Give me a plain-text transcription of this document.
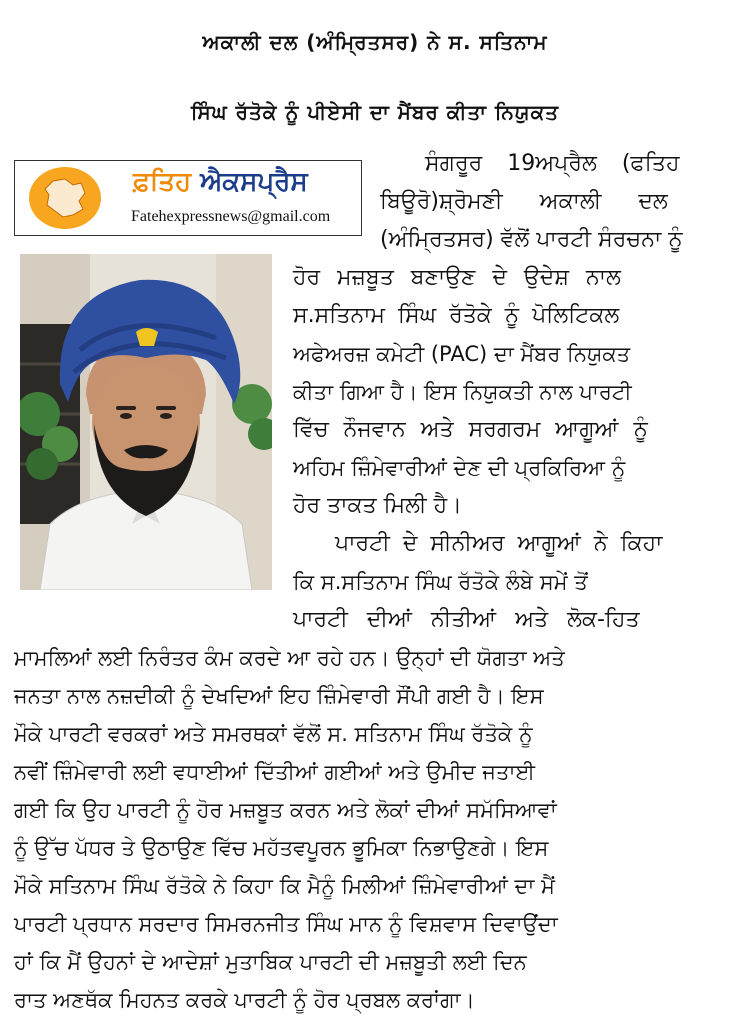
ਅਕਾਲੀ ਦਲ (ਅੰਮ੍ਰਿਤਸਰ) ਨੇ ਸ. ਸਤਿਨਾਮ
ਸਿੰਘ ਰੱਤੋਕੇ ਨੂੰ ਪੀਏਸੀ ਦਾ ਮੈਂਬਰ ਕੀਤਾ ਨਿਯੁਕਤ
ਫ਼ਤਿਹ ਐਕਸਪ੍ਰੈਸ
Fatehexpressnews@gmail.com
ਸੰਗਰੂਰ 19ਅਪ੍ਰੈਲ (ਫਤਿਹ
ਬਿਊਰੋ)ਸ਼੍ਰੋਮਣੀ ਅਕਾਲੀ ਦਲ
(ਅੰਮ੍ਰਿਤਸਰ) ਵੱਲੋਂ ਪਾਰਟੀ ਸੰਰਚਨਾ ਨੂੰ
ਹੋਰ ਮਜ਼ਬੂਤ ਬਣਾਉਣ ਦੇ ਉਦੇਸ਼ ਨਾਲ
ਸ.ਸਤਿਨਾਮ ਸਿੰਘ ਰੱਤੋਕੇ ਨੂੰ ਪੋਲਿਟਿਕਲ
ਅਫੇਅਰਜ਼ ਕਮੇਟੀ (PAC) ਦਾ ਮੈਂਬਰ ਨਿਯੁਕਤ
ਕੀਤਾ ਗਿਆ ਹੈ। ਇਸ ਨਿਯੁਕਤੀ ਨਾਲ ਪਾਰਟੀ
ਵਿੱਚ ਨੌਜਵਾਨ ਅਤੇ ਸਰਗਰਮ ਆਗੂਆਂ ਨੂੰ
ਅਹਿਮ ਜ਼ਿੰਮੇਵਾਰੀਆਂ ਦੇਣ ਦੀ ਪ੍ਰਕਿਰਿਆ ਨੂੰ
ਹੋਰ ਤਾਕਤ ਮਿਲੀ ਹੈ।
ਪਾਰਟੀ ਦੇ ਸੀਨੀਅਰ ਆਗੂਆਂ ਨੇ ਕਿਹਾ
ਕਿ ਸ.ਸਤਿਨਾਮ ਸਿੰਘ ਰੱਤੋਕੇ ਲੰਬੇ ਸਮੇਂ ਤੋਂ
ਪਾਰਟੀ ਦੀਆਂ ਨੀਤੀਆਂ ਅਤੇ ਲੋਕ-ਹਿਤ
ਮਾਮਲਿਆਂ ਲਈ ਨਿਰੰਤਰ ਕੰਮ ਕਰਦੇ ਆ ਰਹੇ ਹਨ। ਉਨ੍ਹਾਂ ਦੀ ਯੋਗਤਾ ਅਤੇ
ਜਨਤਾ ਨਾਲ ਨਜ਼ਦੀਕੀ ਨੂੰ ਦੇਖਦਿਆਂ ਇਹ ਜ਼ਿੰਮੇਵਾਰੀ ਸੌਂਪੀ ਗਈ ਹੈ। ਇਸ
ਮੌਕੇ ਪਾਰਟੀ ਵਰਕਰਾਂ ਅਤੇ ਸਮਰਥਕਾਂ ਵੱਲੋਂ ਸ. ਸਤਿਨਾਮ ਸਿੰਘ ਰੱਤੋਕੇ ਨੂੰ
ਨਵੀਂ ਜ਼ਿੰਮੇਵਾਰੀ ਲਈ ਵਧਾਈਆਂ ਦਿੱਤੀਆਂ ਗਈਆਂ ਅਤੇ ਉਮੀਦ ਜਤਾਈ
ਗਈ ਕਿ ਉਹ ਪਾਰਟੀ ਨੂੰ ਹੋਰ ਮਜ਼ਬੂਤ ਕਰਨ ਅਤੇ ਲੋਕਾਂ ਦੀਆਂ ਸਮੱਸਿਆਵਾਂ
ਨੂੰ ਉੱਚ ਪੱਧਰ ਤੇ ਉਠਾਉਣ ਵਿੱਚ ਮਹੱਤਵਪੂਰਨ ਭੂਮਿਕਾ ਨਿਭਾਉਣਗੇ। ਇਸ
ਮੌਕੇ ਸਤਿਨਾਮ ਸਿੰਘ ਰੱਤੋਕੇ ਨੇ ਕਿਹਾ ਕਿ ਮੈਨੂੰ ਮਿਲੀਆਂ ਜ਼ਿੰਮੇਵਾਰੀਆਂ ਦਾ ਮੈਂ
ਪਾਰਟੀ ਪ੍ਰਧਾਨ ਸਰਦਾਰ ਸਿਮਰਨਜੀਤ ਸਿੰਘ ਮਾਨ ਨੂੰ ਵਿਸ਼ਵਾਸ ਦਿਵਾਉਂਦਾ
ਹਾਂ ਕਿ ਮੈਂ ਉਹਨਾਂ ਦੇ ਆਦੇਸ਼ਾਂ ਮੁਤਾਬਿਕ ਪਾਰਟੀ ਦੀ ਮਜ਼ਬੂਤੀ ਲਈ ਦਿਨ
ਰਾਤ ਅਣਥੱਕ ਮਿਹਨਤ ਕਰਕੇ ਪਾਰਟੀ ਨੂੰ ਹੋਰ ਪ੍ਰਬਲ ਕਰਾਂਗਾ।
